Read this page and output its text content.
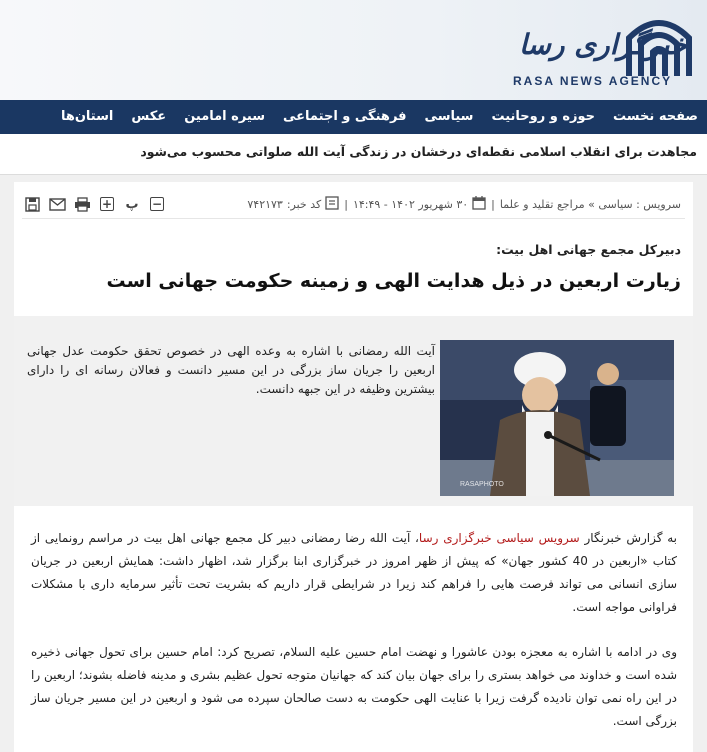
خبرگزاری رسا
RASA NEWS AGENCY
صفحه نخست
حوزه و روحانیت
سیاسی
فرهنگی و اجتماعی
سیره امامین
عکس
استان‌ها
مجاهدت برای انقلاب اسلامی نقطه‌ای درخشان در زندگی آیت الله صلواتی محسوب می‌شود
سرویس : سیاسی » مراجع تقلید و علما
|
۳۰ شهریور ۱۴۰۲ - ۱۴:۴۹
|
کد خبر:
۷۴۲۱۷۳
+ پ −
دبیرکل مجمع جهانی اهل بیت:
زیارت اربعین در ذیل هدایت الهی و زمینه حکومت جهانی است
RASAPHOTO
آیت الله رمضانی با اشاره به وعده الهی در خصوص تحقق حکومت عدل جهانی اربعین را جریان ساز بزرگی در این مسیر دانست و فعالان رسانه ای را دارای بیشترین وظیفه در این جبهه دانست.

به گزارش خبرنگار سرویس سیاسی خبرگزاری رسا، آیت الله رضا رمضانی دبیر کل مجمع جهانی اهل بیت در مراسم رونمایی از کتاب «اربعین در 40 کشور جهان» که پیش از ظهر امروز در خبرگزاری ابنا برگزار شد، اظهار داشت: همایش اربعین در جریان سازی انسانی می تواند فرصت هایی را فراهم کند زیرا در شرایطی قرار داریم که بشریت تحت تأثیر سرمایه داری با مشکلات فراوانی مواجه است.

وی در ادامه با اشاره به معجزه بودن عاشورا و نهضت امام حسین علیه السلام، تصریح کرد: امام حسین برای تحول جهانی ذخیره شده است و خداوند می خواهد بستری را برای جهان بیان کند که جهانیان متوجه تحول عظیم بشری و مدینه فاضله بشوند؛ اربعین را در این راه نمی توان نادیده گرفت زیرا با عنایت الهی حکومت به دست صالحان سپرده می شود و اربعین در این مسیر جریان ساز بزرگی است.
